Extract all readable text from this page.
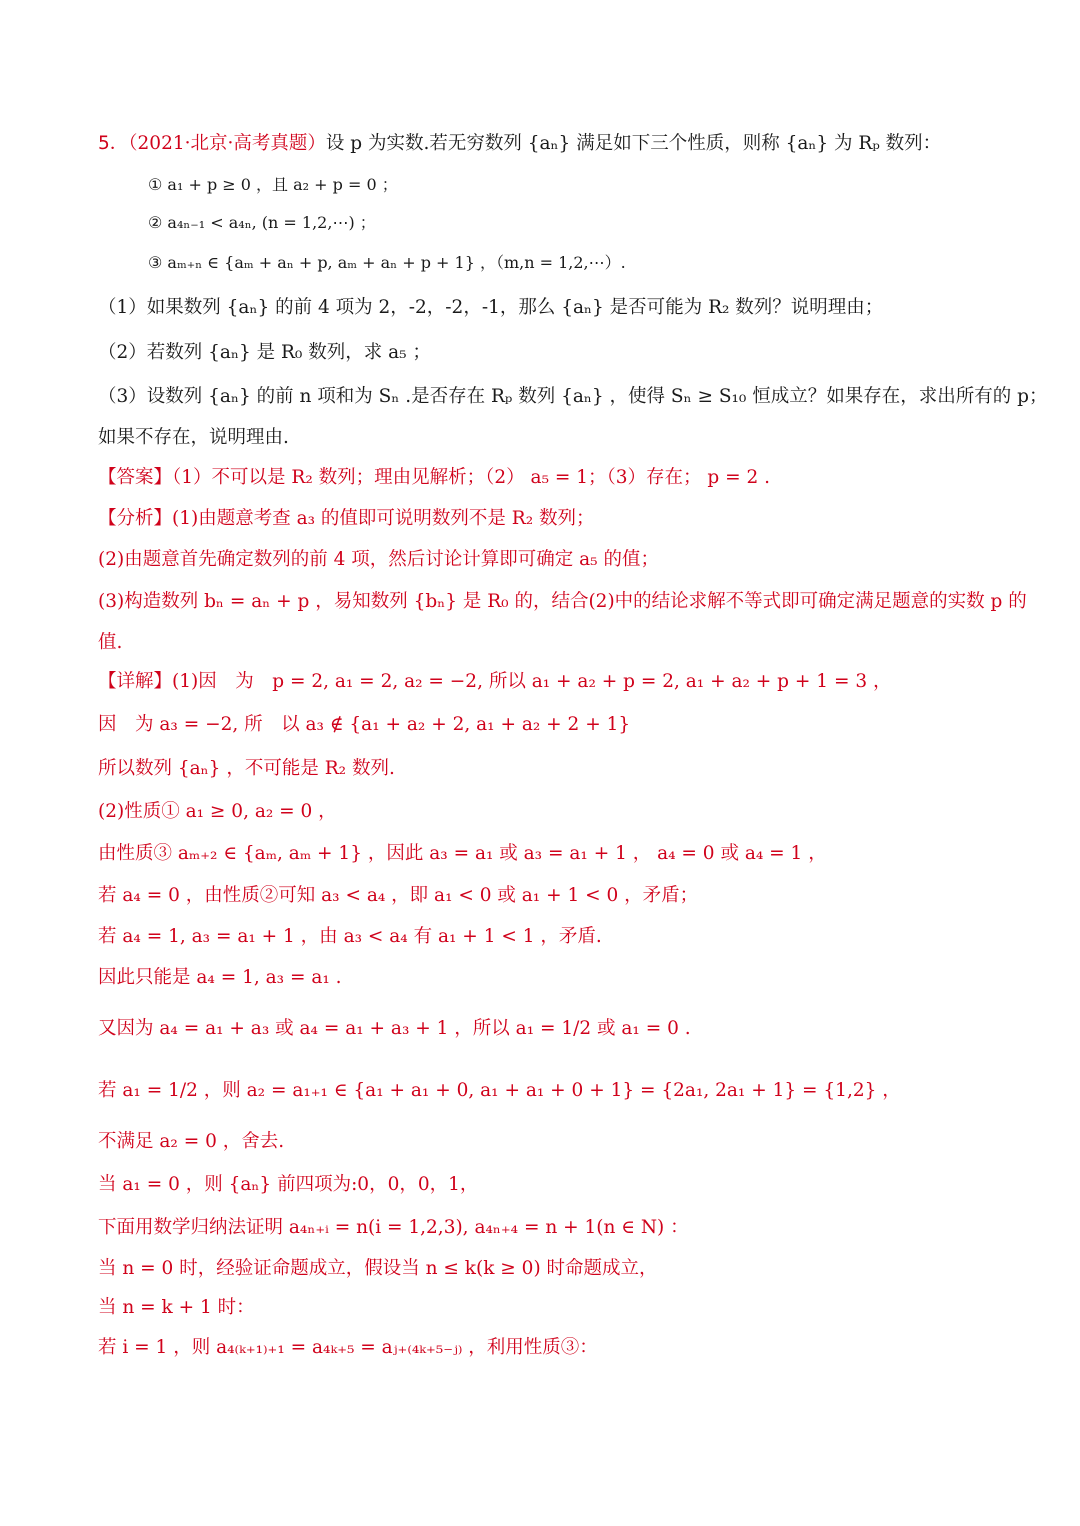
5．（2021·北京·高考真题）设 p 为实数.若无穷数列 {aₙ} 满足如下三个性质，则称 {aₙ} 为 Rₚ 数列：
① a₁ + p ≥ 0 ，且 a₂ + p = 0 ；
② a₄ₙ₋₁ < a₄ₙ, (n = 1,2,⋯) ；
③ aₘ₊ₙ ∈ {aₘ + aₙ + p, aₘ + aₙ + p + 1} ，（m,n = 1,2,⋯）.
（1）如果数列 {aₙ} 的前 4 项为 2，-2，-2，-1，那么 {aₙ} 是否可能为 R₂ 数列？说明理由；
（2）若数列 {aₙ} 是 R₀ 数列，求 a₅ ；
（3）设数列 {aₙ} 的前 n 项和为 Sₙ .是否存在 Rₚ 数列 {aₙ} ，使得 Sₙ ≥ S₁₀ 恒成立？如果存在，求出所有的 p；
如果不存在，说明理由.
【答案】（1）不可以是 R₂ 数列；理由见解析；（2） a₅ = 1；（3）存在； p = 2 .
【分析】(1)由题意考查 a₃ 的值即可说明数列不是 R₂ 数列；
(2)由题意首先确定数列的前 4 项，然后讨论计算即可确定 a₅ 的值；
(3)构造数列 bₙ = aₙ + p ，易知数列 {bₙ} 是 R₀ 的，结合(2)中的结论求解不等式即可确定满足题意的实数 p 的
值.
【详解】(1)因　为　p = 2, a₁ = 2, a₂ = −2, 所以 a₁ + a₂ + p = 2, a₁ + a₂ + p + 1 = 3 ，
因　为 a₃ = −2, 所　以 a₃ ∉ {a₁ + a₂ + 2, a₁ + a₂ + 2 + 1}
所以数列 {aₙ} ，不可能是 R₂ 数列.
(2)性质① a₁ ≥ 0, a₂ = 0 ，
由性质③ aₘ₊₂ ∈ {aₘ, aₘ + 1} ，因此 a₃ = a₁ 或 a₃ = a₁ + 1 ， a₄ = 0 或 a₄ = 1 ，
若 a₄ = 0 ，由性质②可知 a₃ < a₄ ，即 a₁ < 0 或 a₁ + 1 < 0 ，矛盾；
若 a₄ = 1, a₃ = a₁ + 1 ，由 a₃ < a₄ 有 a₁ + 1 < 1 ，矛盾.
因此只能是 a₄ = 1, a₃ = a₁ .
又因为 a₄ = a₁ + a₃ 或 a₄ = a₁ + a₃ + 1 ，所以 a₁ = 1/2 或 a₁ = 0 .
若 a₁ = 1/2 ，则 a₂ = a₁₊₁ ∈ {a₁ + a₁ + 0, a₁ + a₁ + 0 + 1} = {2a₁, 2a₁ + 1} = {1,2} ，
不满足 a₂ = 0 ，舍去.
当 a₁ = 0 ，则 {aₙ} 前四项为:0，0，0，1，
下面用数学归纳法证明 a₄ₙ₊ᵢ = n(i = 1,2,3), a₄ₙ₊₄ = n + 1(n ∈ N) ：
当 n = 0 时，经验证命题成立，假设当 n ≤ k(k ≥ 0) 时命题成立，
当 n = k + 1 时：
若 i = 1 ，则 a₄₍ₖ₊₁₎₊₁ = a₄ₖ₊₅ = aⱼ₊₍₄ₖ₊₅₋ⱼ₎ ，利用性质③：
